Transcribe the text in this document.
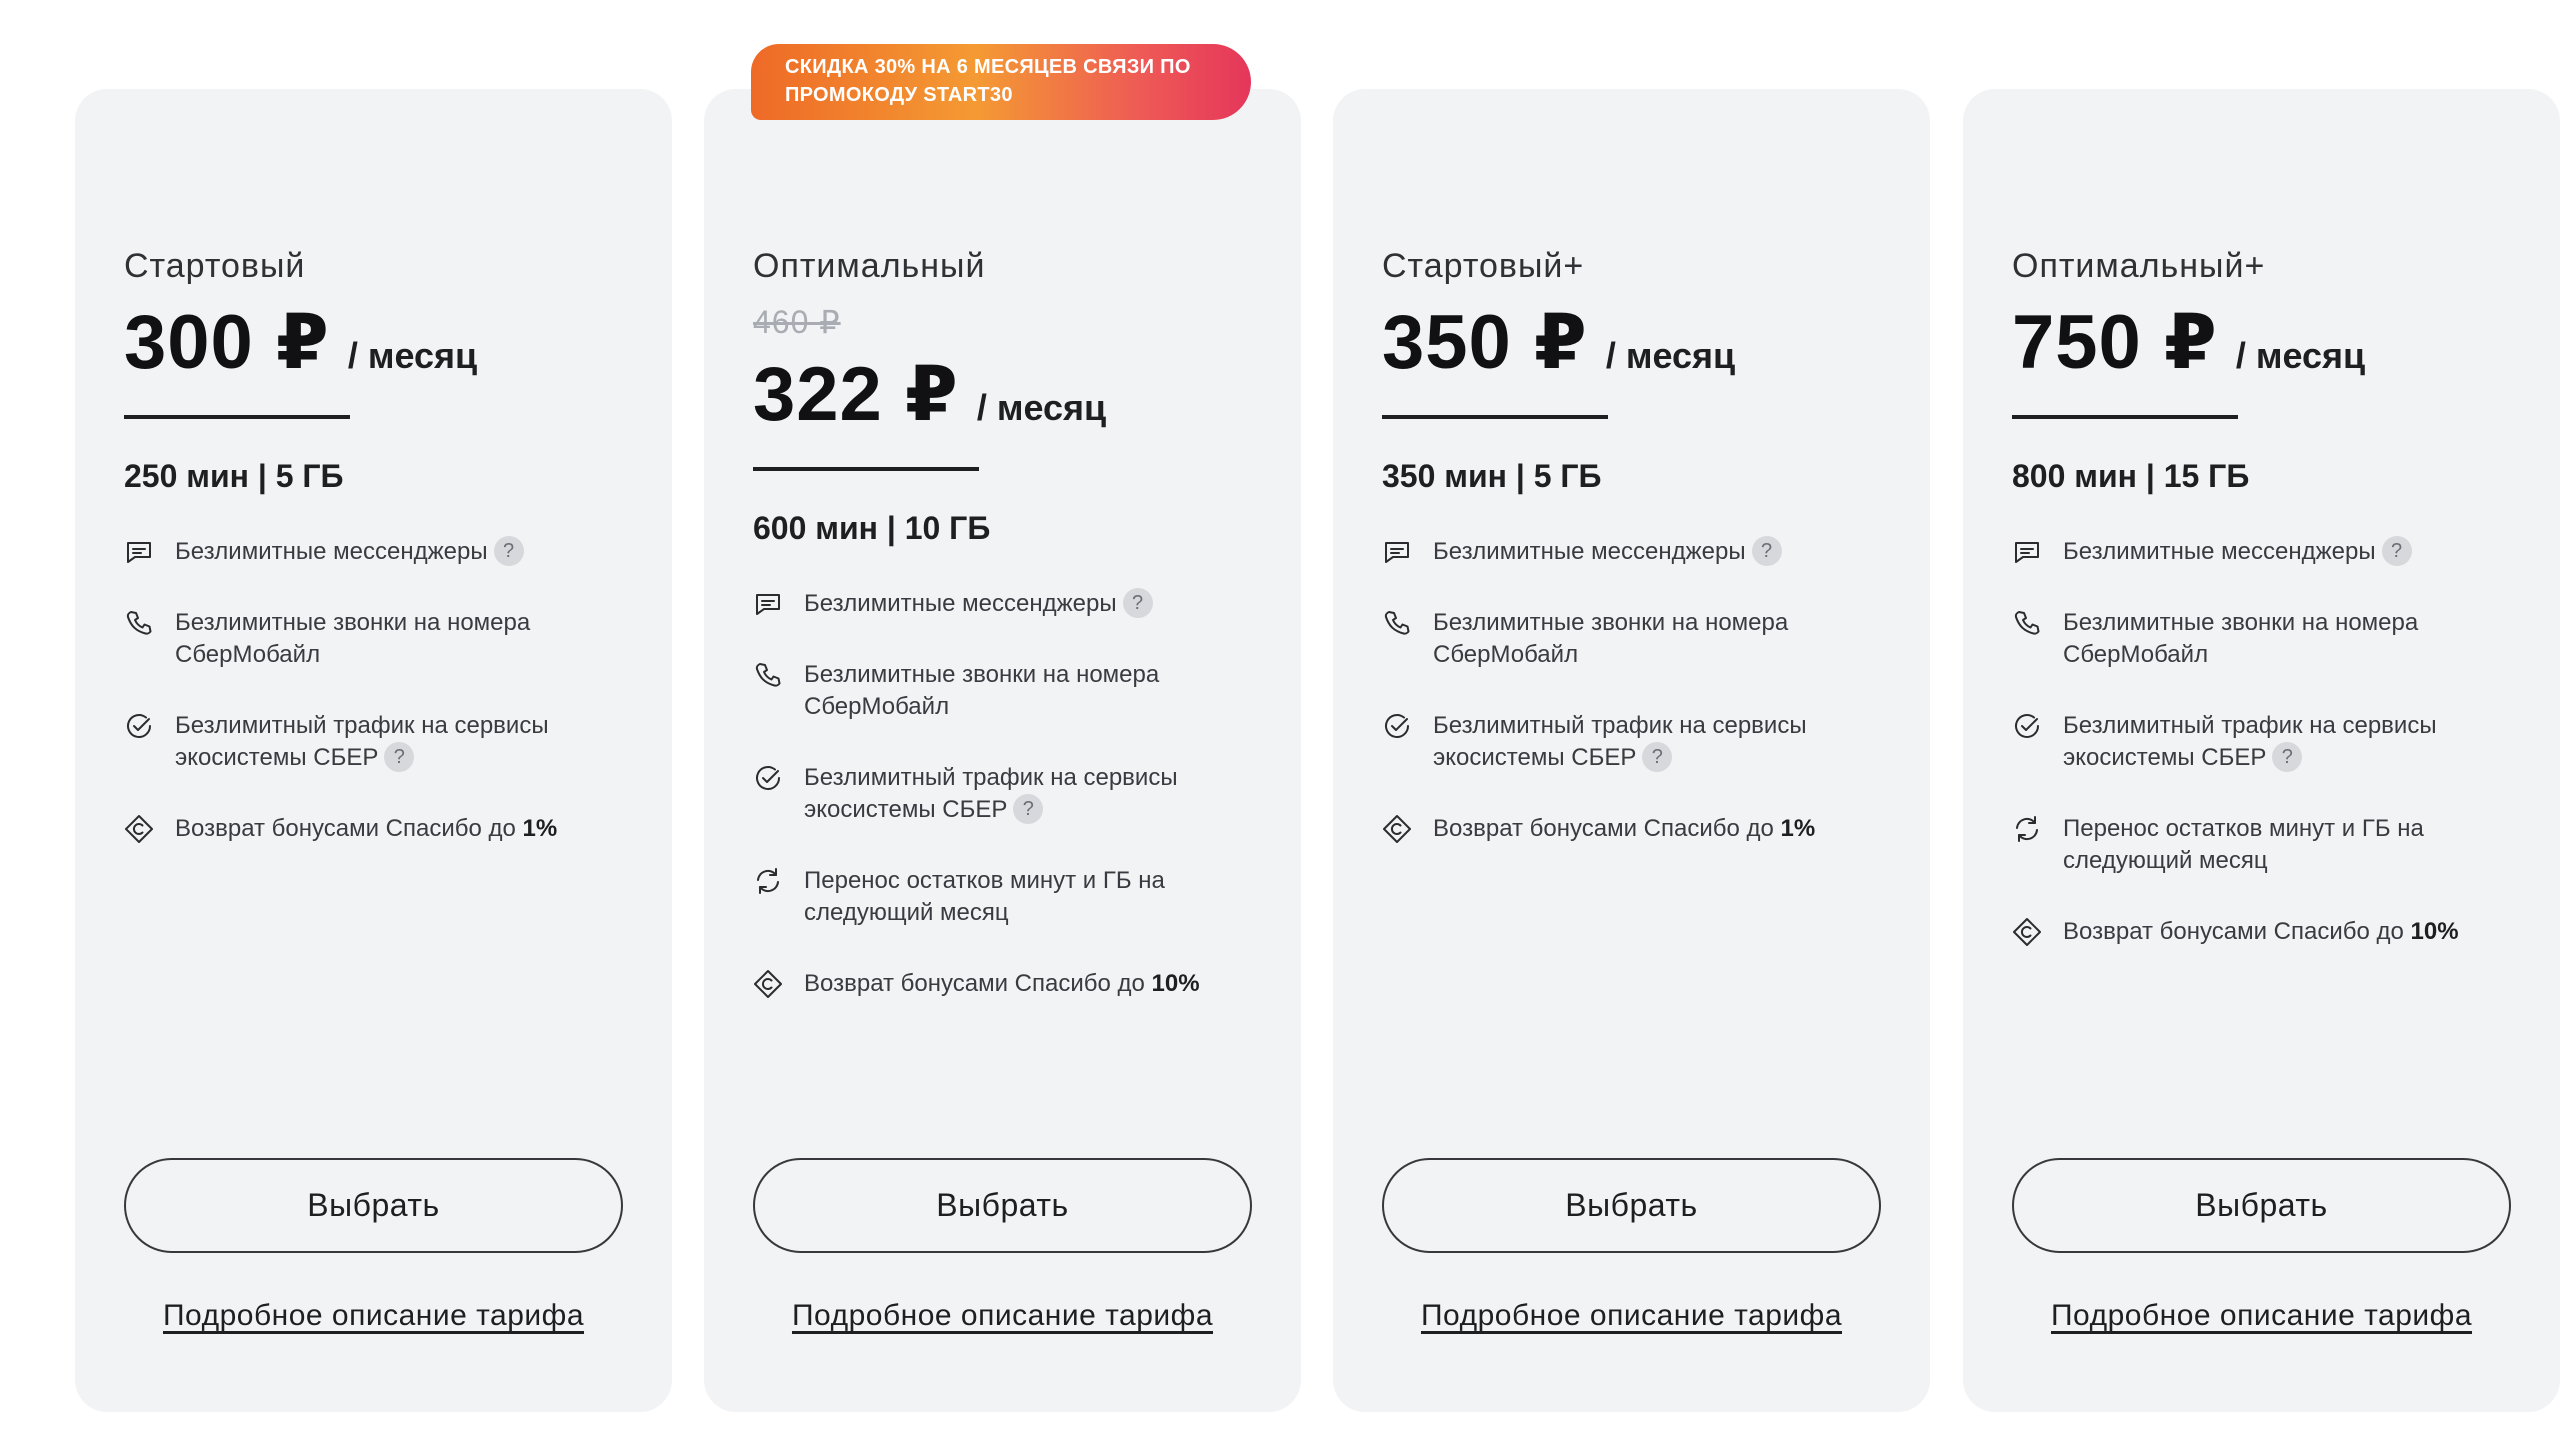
Стартовый
300 ₽ / месяц
250 мин | 5 ГБ
Безлимитные мессенджеры ?
Безлимитные звонки на номера СберМобайл
Безлимитный трафик на сервисы экосистемы СБЕР ?
Возврат бонусами Спасибо до 1%
Выбрать
Подробное описание тарифа
Оптимальный
460 ₽
322 ₽ / месяц
600 мин | 10 ГБ
Безлимитные мессенджеры ?
Безлимитные звонки на номера СберМобайл
Безлимитный трафик на сервисы экосистемы СБЕР ?
Перенос остатков минут и ГБ на следующий месяц
Возврат бонусами Спасибо до 10%
Выбрать
Подробное описание тарифа
Стартовый+
350 ₽ / месяц
350 мин | 5 ГБ
Безлимитные мессенджеры ?
Безлимитные звонки на номера СберМобайл
Безлимитный трафик на сервисы экосистемы СБЕР ?
Возврат бонусами Спасибо до 1%
Выбрать
Подробное описание тарифа
Оптимальный+
750 ₽ / месяц
800 мин | 15 ГБ
Безлимитные мессенджеры ?
Безлимитные звонки на номера СберМобайл
Безлимитный трафик на сервисы экосистемы СБЕР ?
Перенос остатков минут и ГБ на следующий месяц
Возврат бонусами Спасибо до 10%
Выбрать
Подробное описание тарифа
СКИДКА 30% НА 6 МЕСЯЦЕВ СВЯЗИ ПО ПРОМОКОДУ START30
